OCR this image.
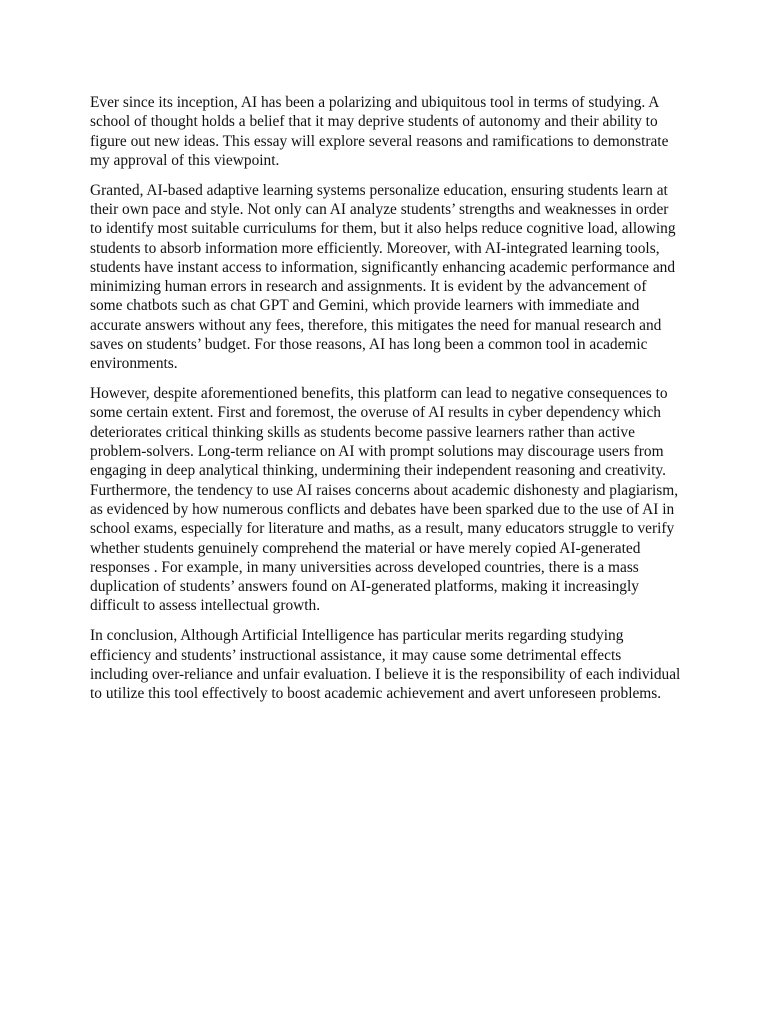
Ever since its inception, AI has been a polarizing and ubiquitous tool in terms of studying. A school of thought holds a belief that it may deprive students of autonomy and their ability to figure out new ideas. This essay will explore several reasons and ramifications to demonstrate my approval of this viewpoint.

Granted, AI-based adaptive learning systems personalize education, ensuring students learn at their own pace and style. Not only can AI analyze students’ strengths and weaknesses in order to identify most suitable curriculums for them, but it also helps reduce cognitive load, allowing students to absorb information more efficiently. Moreover, with AI-integrated learning tools, students have instant access to information, significantly enhancing academic performance and minimizing human errors in research and assignments. It is evident by the advancement of some chatbots such as chat GPT and Gemini, which provide learners with immediate and accurate answers without any fees, therefore, this mitigates the need for manual research and saves on students’ budget. For those reasons, AI has long been a common tool in academic environments.

However, despite aforementioned benefits, this platform can lead to negative consequences to some certain extent. First and foremost, the overuse of AI results in cyber dependency which deteriorates critical thinking skills as students become passive learners rather than active problem-solvers. Long-term reliance on AI with prompt solutions may discourage users from engaging in deep analytical thinking, undermining their independent reasoning and creativity. Furthermore, the tendency to use AI raises concerns about academic dishonesty and plagiarism, as evidenced by how numerous conflicts and debates have been sparked due to the use of AI in school exams, especially for literature and maths, as a result, many educators struggle to verify whether students genuinely comprehend the material or have merely copied AI-generated responses . For example, in many universities across developed countries, there is a mass duplication of students’ answers found on AI-generated platforms, making it increasingly difficult to assess intellectual growth.

In conclusion, Although Artificial Intelligence has particular merits regarding studying efficiency and students’ instructional assistance, it may cause some detrimental effects including over-reliance and unfair evaluation. I believe it is the responsibility of each individual to utilize this tool effectively to boost academic achievement and avert unforeseen problems.
